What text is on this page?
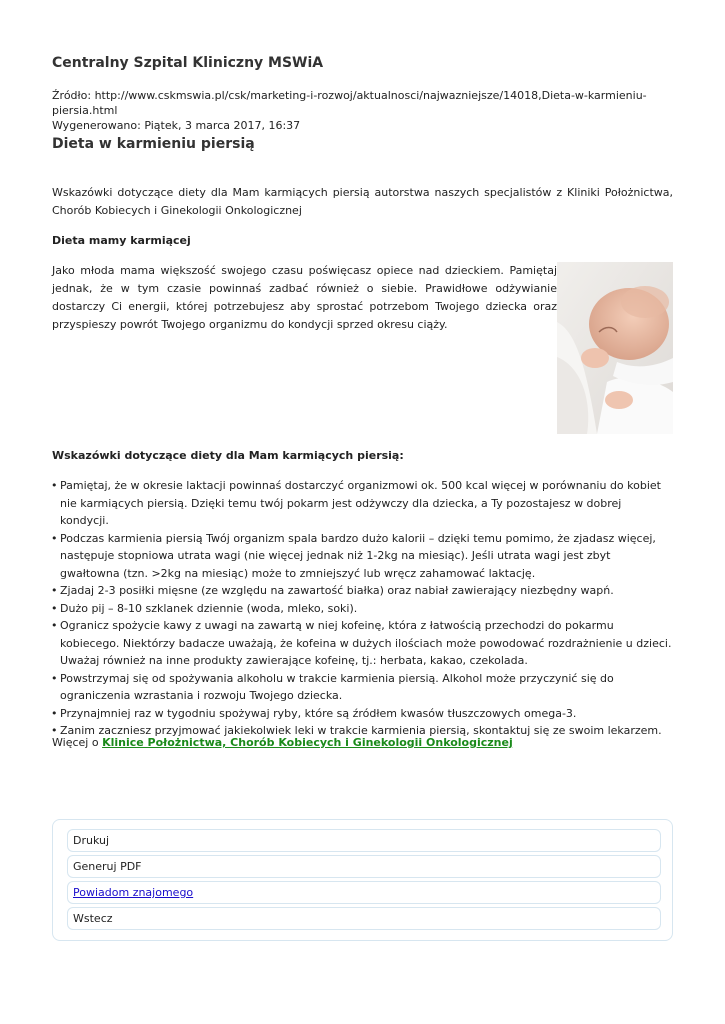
Centralny Szpital Kliniczny MSWiA
Źródło: http://www.cskmswia.pl/csk/marketing-i-rozwoj/aktualnosci/najwazniejsze/14018,Dieta-w-karmieniu-piersia.html
Wygenerowano: Piątek, 3 marca 2017, 16:37
Dieta w karmieniu piersią
Wskazówki dotyczące diety dla Mam karmiących piersią autorstwa naszych specjalistów z Kliniki Położnictwa, Chorób Kobiecych i Ginekologii Onkologicznej
Dieta mamy karmiącej
Jako młoda mama większość swojego czasu poświęcasz opiece nad dzieckiem. Pamiętaj jednak, że w tym czasie powinnaś zadbać również o siebie. Prawidłowe odżywianie dostarczy Ci energii, której potrzebujesz aby sprostać potrzebom Twojego dziecka oraz przyspieszy powrót Twojego organizmu do kondycji sprzed okresu ciąży.
Wskazówki dotyczące diety dla Mam karmiących piersią:
• Pamiętaj, że w okresie laktacji powinnaś dostarczyć organizmowi ok. 500 kcal więcej w porównaniu do kobiet nie karmiących piersią. Dzięki temu twój pokarm jest odżywczy dla dziecka, a Ty pozostajesz w dobrej kondycji.
• Podczas karmienia piersią Twój organizm spala bardzo dużo kalorii – dzięki temu pomimo, że zjadasz więcej, następuje stopniowa utrata wagi (nie więcej jednak niż 1-2kg na miesiąc). Jeśli utrata wagi jest zbyt gwałtowna (tzn. >2kg na miesiąc) może to zmniejszyć lub wręcz zahamować laktację.
• Zjadaj 2-3 posiłki mięsne (ze względu na zawartość białka) oraz nabiał zawierający niezbędny wapń.
• Dużo pij – 8-10 szklanek dziennie (woda, mleko, soki).
• Ogranicz spożycie kawy z uwagi na zawartą w niej kofeinę, która z łatwością przechodzi do pokarmu kobiecego. Niektórzy badacze uważają, że kofeina w dużych ilościach może powodować rozdrażnienie u dzieci. Uważaj również na inne produkty zawierające kofeinę, tj.: herbata, kakao, czekolada.
• Powstrzymaj się od spożywania alkoholu w trakcie karmienia piersią. Alkohol może przyczynić się do ograniczenia wzrastania i rozwoju Twojego dziecka.
• Przynajmniej raz w tygodniu spożywaj ryby, które są źródłem kwasów tłuszczowych omega-3.
• Zanim zaczniesz przyjmować jakiekolwiek leki w trakcie karmienia piersią, skontaktuj się ze swoim lekarzem.
Więcej o Klinice Położnictwa, Chorób Kobiecych i Ginekologii Onkologicznej
Drukuj
Generuj PDF
Powiadom znajomego
Wstecz
